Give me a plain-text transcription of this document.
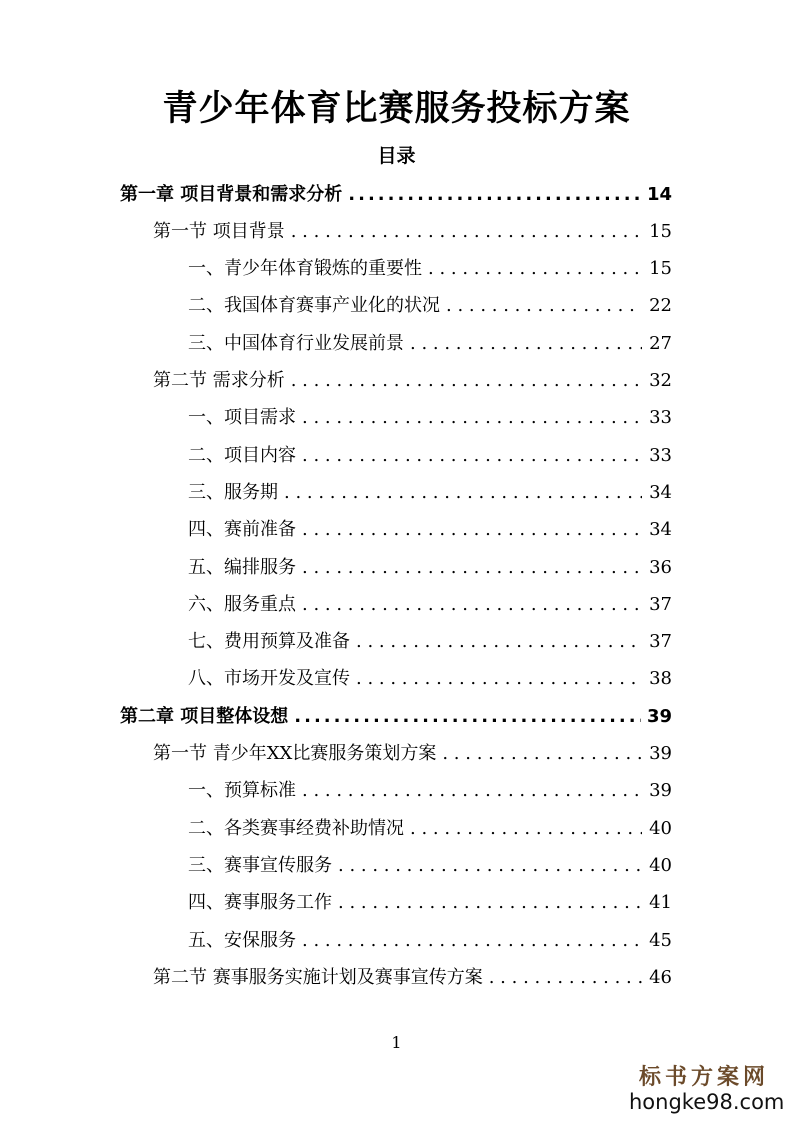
青少年体育比赛服务投标方案
目录
第一章 项目背景和需求分析 .....	14
第一节 项目背景 . . .	15
一、青少年体育锻炼的重要性 . . .	15
二、我国体育赛事产业化的状况 . . .	22
三、中国体育行业发展前景 . . .	27
第二节 需求分析 . . .	32
一、项目需求 . . .	33
二、项目内容 . . .	33
三、服务期 . . .	34
四、赛前准备 . . .	34
五、编排服务 . . .	36
六、服务重点 . . .	37
七、费用预算及准备 . . .	37
八、市场开发及宣传 . . .	38
第二章 项目整体设想 .....	39
第一节 青少年XX比赛服务策划方案 . . .	39
一、预算标准 . . .	39
二、各类赛事经费补助情况 . . .	40
三、赛事宣传服务 . . .	40
四、赛事服务工作 . . .	41
五、安保服务 . . .	45
第二节 赛事服务实施计划及赛事宣传方案 . . .	46
1
标书方案网
hongke98.com
